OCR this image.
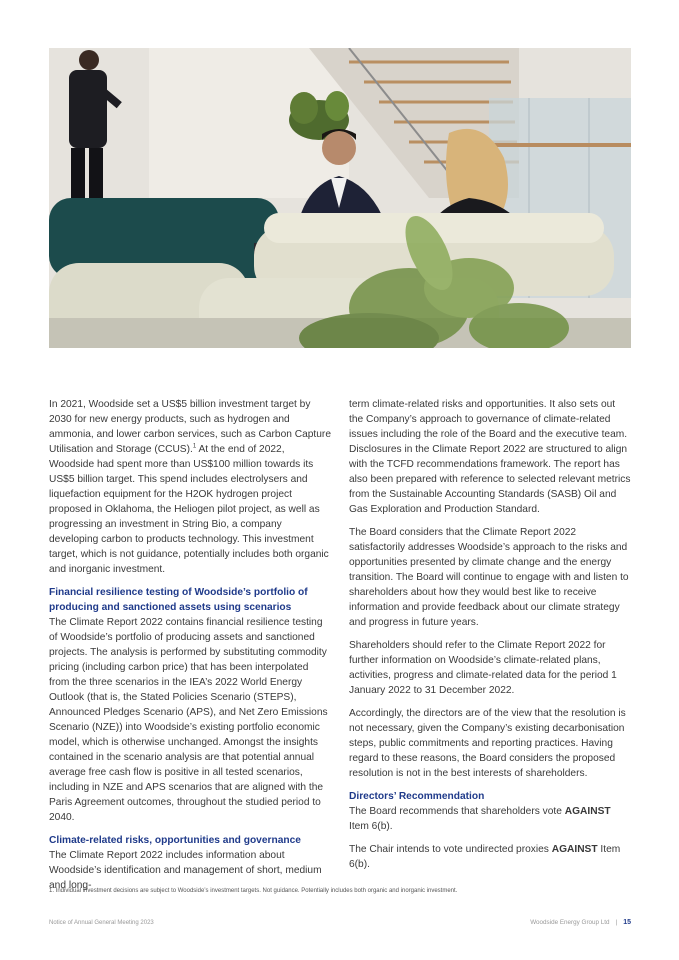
In 2021, Woodside set a US$5 billion investment target by 2030 for new energy products, such as hydrogen and ammonia, and lower carbon services, such as Carbon Capture Utilisation and Storage (CCUS).$^1$ At the end of 2022, Woodside had spent more than US$100 million towards its US$5 billion target. This spend includes electrolysers and liquefaction equipment for the H2OK hydrogen project proposed in Oklahoma, the Heliogen pilot project, as well as progressing an investment in String Bio, a company developing carbon to products technology. This investment target, which is not guidance, potentially includes both organic and inorganic investment.

Financial resilience testing of Woodside’s portfolio of producing and sanctioned assets using scenarios

The Climate Report 2022 contains financial resilience testing of Woodside’s portfolio of producing assets and sanctioned projects. The analysis is performed by substituting commodity pricing (including carbon price) that has been interpolated from the three scenarios in the IEA’s 2022 World Energy Outlook (that is, the Stated Policies Scenario (STEPS), Announced Pledges Scenario (APS), and Net Zero Emissions Scenario (NZE)) into Woodside’s existing portfolio economic model, which is otherwise unchanged. Amongst the insights contained in the scenario analysis are that potential annual average free cash flow is positive in all tested scenarios, including in NZE and APS scenarios that are aligned with the Paris Agreement outcomes, throughout the studied period to 2040.

Climate-related risks, opportunities and governance

The Climate Report 2022 includes information about Woodside’s identification and management of short, medium and long-

term climate-related risks and opportunities. It also sets out the Company’s approach to governance of climate-related issues including the role of the Board and the executive team. Disclosures in the Climate Report 2022 are structured to align with the TCFD recommendations framework. The report has also been prepared with reference to selected relevant metrics from the Sustainable Accounting Standards (SASB) Oil and Gas Exploration and Production Standard.

The Board considers that the Climate Report 2022 satisfactorily addresses Woodside’s approach to the risks and opportunities presented by climate change and the energy transition. The Board will continue to engage with and listen to shareholders about how they would best like to receive information and provide feedback about our climate strategy and progress in future years.

Shareholders should refer to the Climate Report 2022 for further information on Woodside’s climate-related plans, activities, progress and climate-related data for the period 1 January 2022 to 31 December 2022.

Accordingly, the directors are of the view that the resolution is not necessary, given the Company’s existing decarbonisation steps, public commitments and reporting practices. Having regard to these reasons, the Board considers the proposed resolution is not in the best interests of shareholders.

Directors’ Recommendation

The Board recommends that shareholders vote AGAINST Item 6(b).

The Chair intends to vote undirected proxies AGAINST Item 6(b).

1. Individual investment decisions are subject to Woodside’s investment targets. Not guidance. Potentially includes both organic and inorganic investment.
Notice of Annual General Meeting 2023	Woodside Energy Group Ltd | 15
